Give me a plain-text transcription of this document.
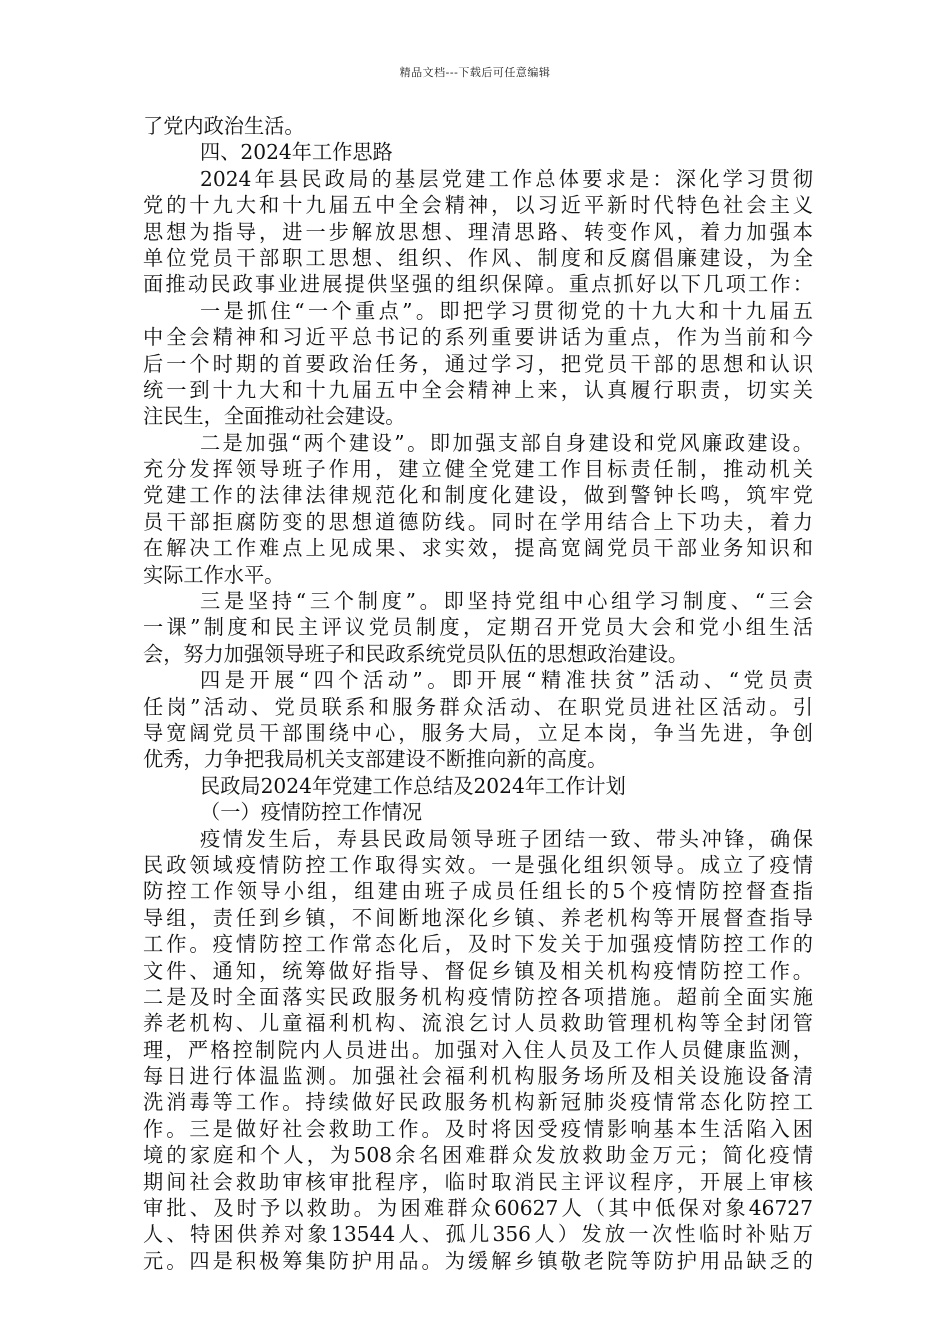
精品文档---下载后可任意编辑
了党内政治生活。
四、2024年工作思路
2024年县民政局的基层党建工作总体要求是：深化学习贯彻
党的十九大和十九届五中全会精神，以习近平新时代特色社会主义
思想为指导，进一步解放思想、理清思路、转变作风，着力加强本
单位党员干部职工思想、组织、作风、制度和反腐倡廉建设，为全
面推动民政事业进展提供坚强的组织保障。重点抓好以下几项工作：
一是抓住“一个重点”。即把学习贯彻党的十九大和十九届五
中全会精神和习近平总书记的系列重要讲话为重点，作为当前和今
后一个时期的首要政治任务，通过学习，把党员干部的思想和认识
统一到十九大和十九届五中全会精神上来，认真履行职责，切实关
注民生，全面推动社会建设。
二是加强“两个建设”。即加强支部自身建设和党风廉政建设。
充分发挥领导班子作用，建立健全党建工作目标责任制，推动机关
党建工作的法律法律规范化和制度化建设，做到警钟长鸣，筑牢党
员干部拒腐防变的思想道德防线。同时在学用结合上下功夫，着力
在解决工作难点上见成果、求实效，提高宽阔党员干部业务知识和
实际工作水平。
三是坚持“三个制度”。即坚持党组中心组学习制度、“三会
一课”制度和民主评议党员制度，定期召开党员大会和党小组生活
会，努力加强领导班子和民政系统党员队伍的思想政治建设。
四是开展“四个活动”。即开展“精准扶贫”活动、“党员责
任岗”活动、党员联系和服务群众活动、在职党员进社区活动。引
导宽阔党员干部围绕中心，服务大局，立足本岗，争当先进，争创
优秀，力争把我局机关支部建设不断推向新的高度。
民政局2024年党建工作总结及2024年工作计划
（一）疫情防控工作情况
疫情发生后，寿县民政局领导班子团结一致、带头冲锋，确保
民政领域疫情防控工作取得实效。一是强化组织领导。成立了疫情
防控工作领导小组，组建由班子成员任组长的5个疫情防控督查指
导组，责任到乡镇，不间断地深化乡镇、养老机构等开展督查指导
工作。疫情防控工作常态化后，及时下发关于加强疫情防控工作的
文件、通知，统筹做好指导、督促乡镇及相关机构疫情防控工作。
二是及时全面落实民政服务机构疫情防控各项措施。超前全面实施
养老机构、儿童福利机构、流浪乞讨人员救助管理机构等全封闭管
理，严格控制院内人员进出。加强对入住人员及工作人员健康监测，
每日进行体温监测。加强社会福利机构服务场所及相关设施设备清
洗消毒等工作。持续做好民政服务机构新冠肺炎疫情常态化防控工
作。三是做好社会救助工作。及时将因受疫情影响基本生活陷入困
境的家庭和个人，为508余名困难群众发放救助金万元；简化疫情
期间社会救助审核审批程序，临时取消民主评议程序，开展上审核
审批、及时予以救助。为困难群众60627人（其中低保对象46727
人、特困供养对象13544人、孤儿356人）发放一次性临时补贴万
元。四是积极筹集防护用品。为缓解乡镇敬老院等防护用品缺乏的
